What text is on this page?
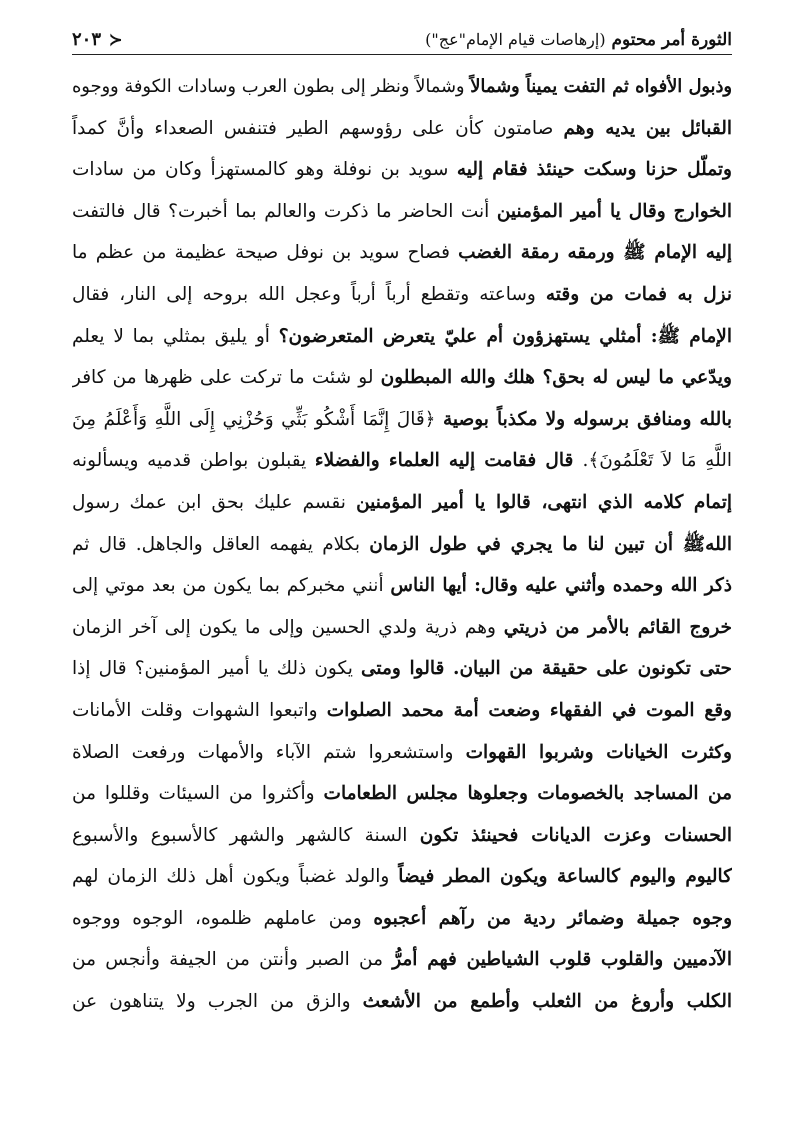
الثورة أمر محتوم (إرهاصات قيام الإمام"عج")
≺
٢٠٣
وذبول الأفواه ثم التفت يميناً وشمالاً وشمالاً ونظر إلى بطون العرب وسادات الكوفة ووجوه
القبائل بين يديه وهم صامتون كأن على رؤوسهم الطير فتنفس الصعداء وأنَّ كمداً
وتملّل حزنا وسكت حينئذ فقام إليه سويد بن نوفلة وهو كالمستهزأ وكان من سادات
الخوارج وقال يا أمير المؤمنين أنت الحاضر ما ذكرت والعالم بما أخبرت؟ قال فالتفت
إليه الإمام ﷺ ورمقه رمقة الغضب فصاح سويد بن نوفل صيحة عظيمة من عظم ما
نزل به فمات من وقته وساعته وتقطع أرباً أرباً وعجل الله بروحه إلى النار، فقال
الإمام ﷺ: أمثلي يستهزؤون أم عليّ يتعرض المتعرضون؟ أو يليق بمثلي بما لا يعلم
ويدّعي ما ليس له بحق؟ هلك والله المبطلون لو شئت ما تركت على ظهرها من كافر
بالله ومنافق برسوله ولا مكذباً بوصية ﴿قَالَ إِنَّمَا أَشْكُو بَثِّي وَحُزْنِي إِلَى اللَّهِ وَأَعْلَمُ مِنَ
اللَّهِ مَا لاَ تَعْلَمُونَ﴾. قال فقامت إليه العلماء والفضلاء يقبلون بواطن قدميه ويسألونه
إتمام كلامه الذي انتهى، قالوا يا أمير المؤمنين نقسم عليك بحق ابن عمك رسول
اللهﷺ أن تبين لنا ما يجري في طول الزمان بكلام يفهمه العاقل والجاهل. قال ثم
ذكر الله وحمده وأثني عليه وقال: أيها الناس أنني مخبركم بما يكون من بعد موتي إلى
خروج القائم بالأمر من ذريتي وهم ذرية ولدي الحسين وإلى ما يكون إلى آخر الزمان
حتى تكونون على حقيقة من البيان. قالوا ومتى يكون ذلك يا أمير المؤمنين؟ قال إذا
وقع الموت في الفقهاء وضعت أمة محمد الصلوات واتبعوا الشهوات وقلت الأمانات
وكثرت الخيانات وشربوا القهوات واستشعروا شتم الآباء والأمهات ورفعت الصلاة
من المساجد بالخصومات وجعلوها مجلس الطعامات وأكثروا من السيئات وقللوا من
الحسنات وعزت الديانات فحينئذ تكون السنة كالشهر والشهر كالأسبوع والأسبوع
كاليوم واليوم كالساعة ويكون المطر فيضاً والولد غضباً ويكون أهل ذلك الزمان لهم
وجوه جميلة وضمائر ردية من رآهم أعجبوه ومن عاملهم ظلموه، الوجوه ووجوه
الآدميين والقلوب قلوب الشياطين فهم أمرُّ من الصبر وأنتن من الجيفة وأنجس من
الكلب وأروغ من الثعلب وأطمع من الأشعث والزق من الجرب ولا يتناهون عن
